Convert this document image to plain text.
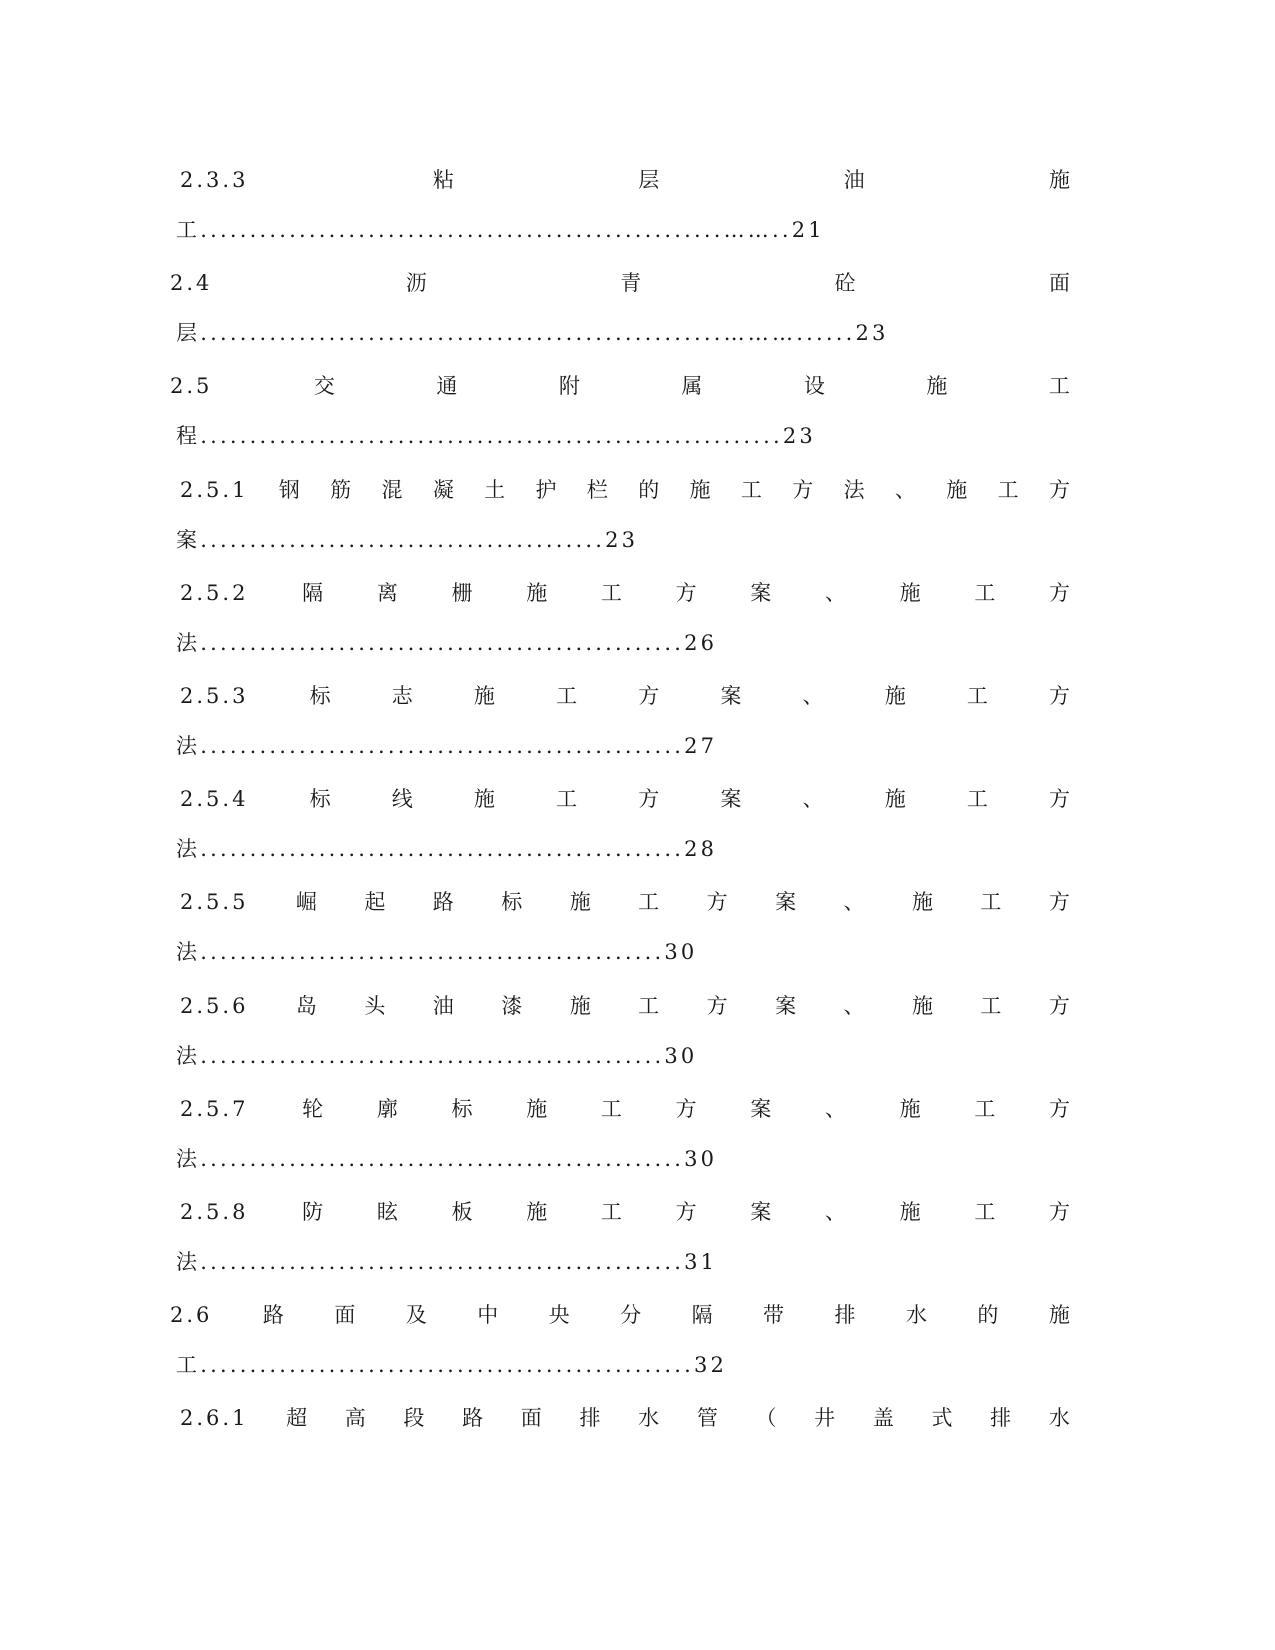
2.3.3	粘	层	油	施
工.....................................................……..21
2.4	沥	青	砼	面
层.....................................................………......23
2.5	交	通	附	属	设	施	工
程...........................................................23
2.5.1 钢 筋 混 凝 土 护 栏 的 施 工 方 法 、 施 工 方
案.........................................23
2.5.2	隔	离	栅	施	工	方	案	、	施	工	方
法.................................................26
2.5.3	标	志	施	工	方	案	、	施	工	方
法.................................................27
2.5.4	标	线	施	工	方	案	、	施	工	方
法.................................................28
2.5.5 崛 起 路 标 施 工 方 案 、 施 工 方
法...............................................30
2.5.6 岛 头 油 漆 施 工 方 案 、 施 工 方
法...............................................30
2.5.7	轮	廓	标	施	工	方	案	、	施	工	方
法.................................................30
2.5.8	防	眩	板	施	工	方	案	、	施	工	方
法.................................................31
2.6 路 面 及 中 央 分 隔 带 排 水 的 施
工..................................................32
2.6.1 超 高 段 路 面 排 水 管 （ 井 盖 式 排 水
